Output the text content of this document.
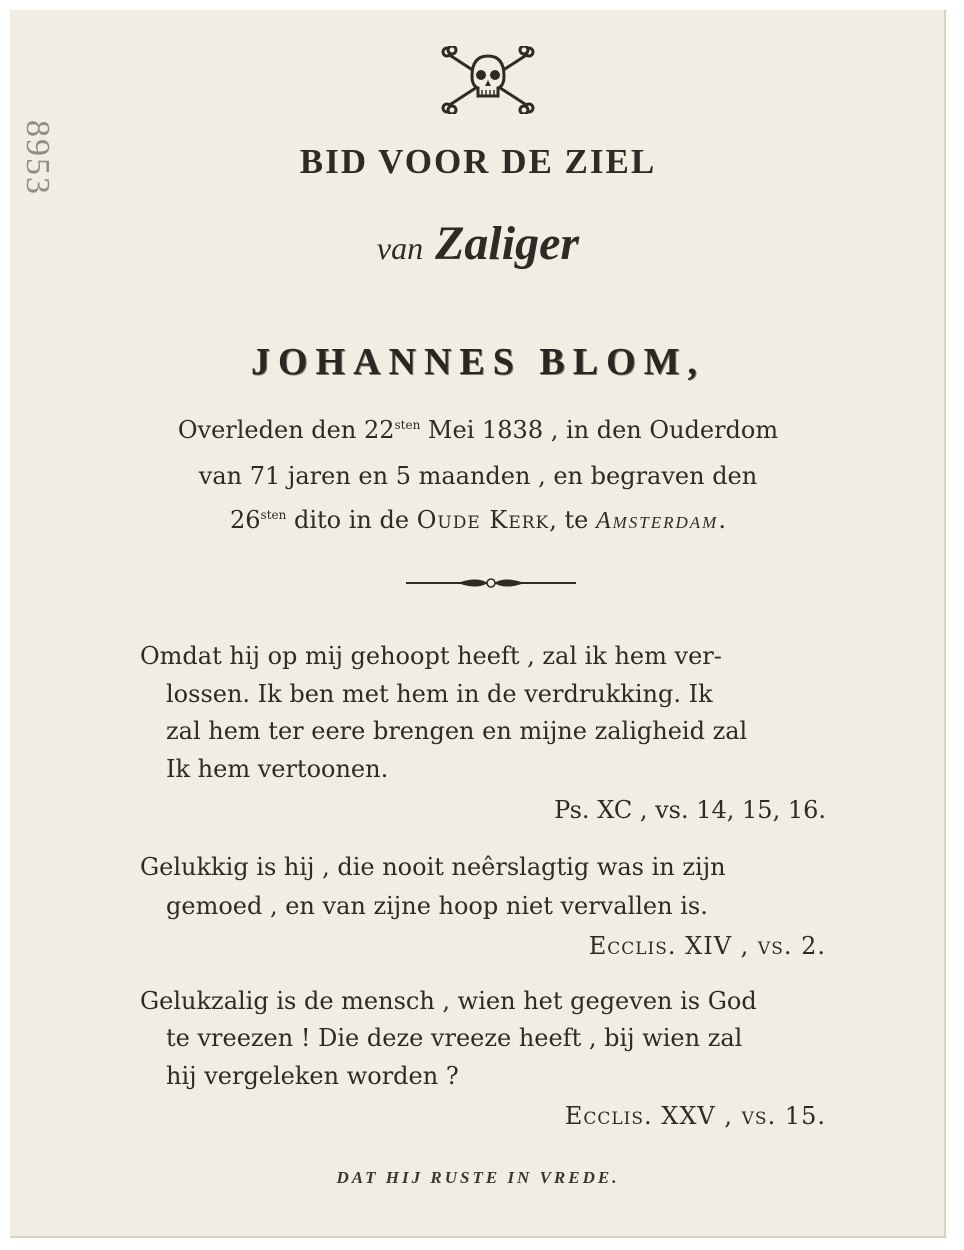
8953	BID VOOR DE ZIEL
van Zaliger
JOHANNES BLOM,
Overleden den $22^{sten}$ Mei 1838 , in den Ouderdom
van 71 jaren en 5 maanden , en begraven den
$26^{sten}$ dito in de Oude Kerk, te Amsterdam.
Omdat hij op mij gehoopt heeft , zal ik hem ver-
lossen. Ik ben met hem in de verdrukking. Ik
zal hem ter eere brengen en mijne zaligheid zal
Ik hem vertoonen.
Ps. XC , vs. 14, 15, 16.
Gelukkig is hij , die nooit neêrslagtig was in zijn
gemoed , en van zijne hoop niet vervallen is.
Ecclis. XIV , vs. 2.
Gelukzalig is de mensch , wien het gegeven is God
te vreezen ! Die deze vreeze heeft , bij wien zal
hij vergeleken worden ?
Ecclis. XXV , vs. 15.
DAT HIJ RUSTE IN VREDE.
